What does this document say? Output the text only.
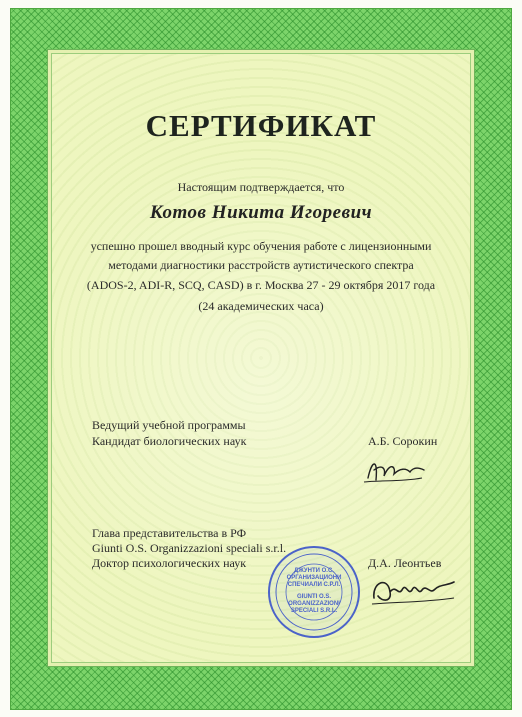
СЕРТИФИКАТ
Настоящим подтверждается, что
Котов Никита Игоревич
успешно прошел вводный курс обучения работе с лицензионными
методами диагностики расстройств аутистического спектра
(ADOS-2, ADI-R, SCQ, CASD) в г. Москва 27 - 29 октября 2017 года
(24 академических часа)
Ведущий учебной программы
Кандидат биологических наук	А.Б. Сорокин
Глава представительства в РФ
Giunti O.S. Organizzazioni speciali s.r.l.
Доктор психологических наук	Д.А. Леонтьев
ДЖУНТИ О.С.
ОРГАНИЗАЦИОНИ
СПЕЧИАЛИ С.Р.Л.
GIUNTI O.S.
ORGANIZZAZIONI
SPECIALI S.R.L.
